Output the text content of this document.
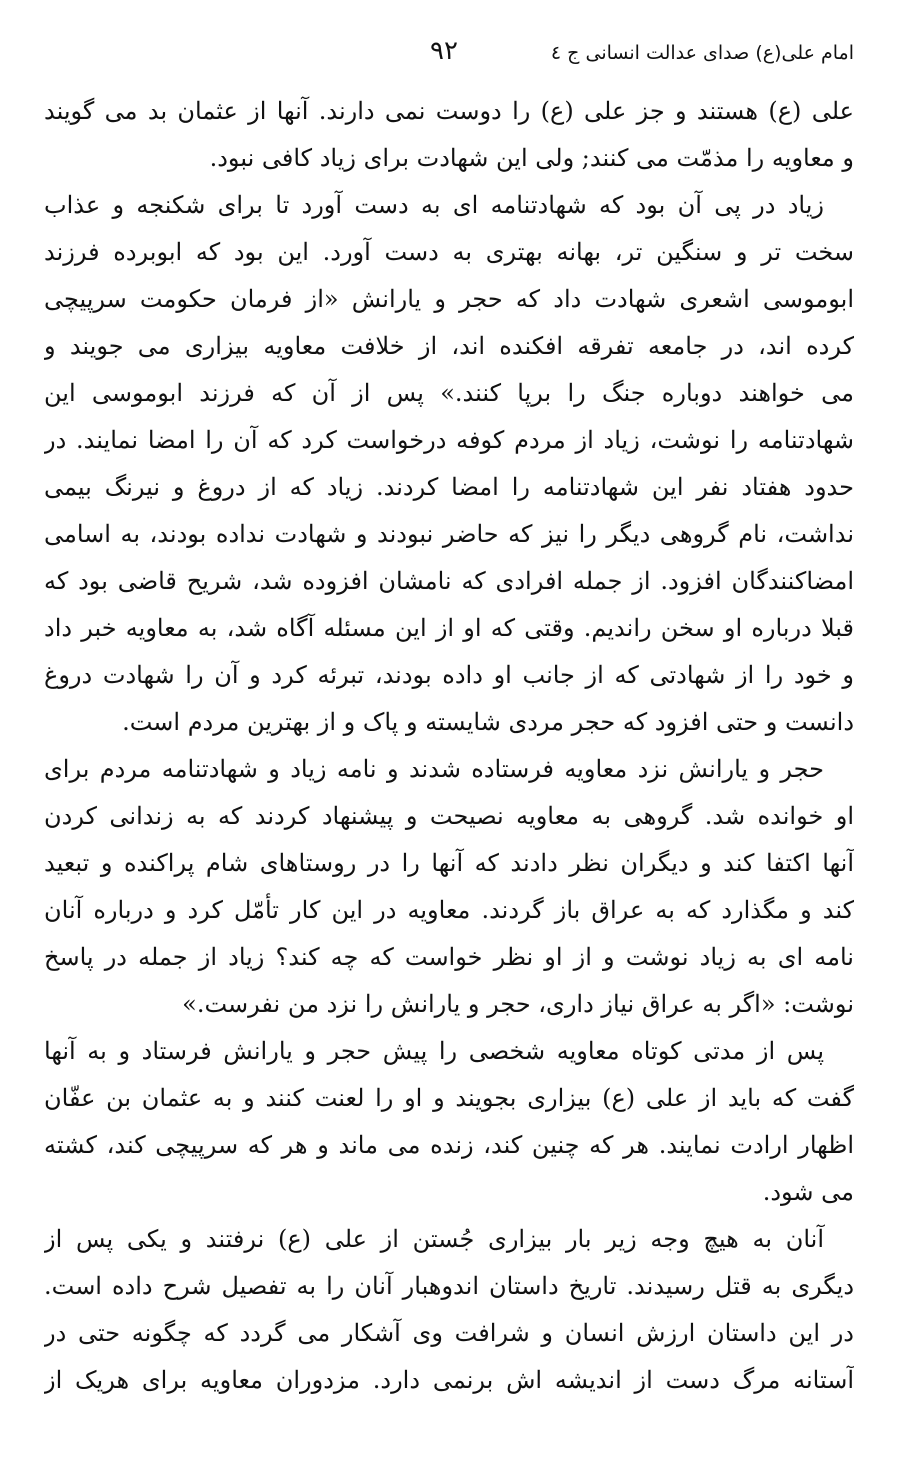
امام علی(ع) صدای عدالت انسانی ج ٤
٩٢
علی (ع) هستند و جز علی (ع) را دوست نمی دارند. آنها از عثمان بد می گویند
و معاویه را مذمّت می کنند; ولی این شهادت برای زیاد کافی نبود.
زیاد در پی آن بود که شهادتنامه ای به دست آورد تا برای شکنجه و عذاب
سخت تر و سنگین تر، بهانه بهتری به دست آورد. این بود که ابوبرده فرزند
ابوموسی اشعری شهادت داد که حجر و یارانش «از فرمان حکومت سرپیچی
کرده اند، در جامعه تفرقه افکنده اند، از خلافت معاویه بیزاری می جویند و
می خواهند دوباره جنگ را برپا کنند.» پس از آن که فرزند ابوموسی این
شهادتنامه را نوشت، زیاد از مردم کوفه درخواست کرد که آن را امضا نمایند. در
حدود هفتاد نفر این شهادتنامه را امضا کردند. زیاد که از دروغ و نیرنگ بیمی
نداشت، نام گروهی دیگر را نیز که حاضر نبودند و شهادت نداده بودند، به اسامی
امضاکنندگان افزود. از جمله افرادی که نامشان افزوده شد، شریح قاضی بود که
قبلا درباره او سخن راندیم. وقتی که او از این مسئله آگاه شد، به معاویه خبر داد
و خود را از شهادتی که از جانب او داده بودند، تبرئه کرد و آن را شهادت دروغ
دانست و حتی افزود که حجر مردی شایسته و پاک و از بهترین مردم است.
حجر و یارانش نزد معاویه فرستاده شدند و نامه زیاد و شهادتنامه مردم برای
او خوانده شد. گروهی به معاویه نصیحت و پیشنهاد کردند که به زندانی کردن
آنها اکتفا کند و دیگران نظر دادند که آنها را در روستاهای شام پراکنده و تبعید
کند و مگذارد که به عراق باز گردند. معاویه در این کار تأمّل کرد و درباره آنان
نامه ای به زیاد نوشت و از او نظر خواست که چه کند؟ زیاد از جمله در پاسخ
نوشت: «اگر به عراق نیاز داری، حجر و یارانش را نزد من نفرست.»
پس از مدتی کوتاه معاویه شخصی را پیش حجر و یارانش فرستاد و به آنها
گفت که باید از علی (ع) بیزاری بجویند و او را لعنت کنند و به عثمان بن عفّان
اظهار ارادت نمایند. هر که چنین کند، زنده می ماند و هر که سرپیچی کند، کشته
می شود.
آنان به هیچ وجه زیر بار بیزاری جُستن از علی (ع) نرفتند و یکی پس از
دیگری به قتل رسیدند. تاریخ داستان اندوهبار آنان را به تفصیل شرح داده است.
در این داستان ارزش انسان و شرافت وی آشکار می گردد که چگونه حتی در
آستانه مرگ دست از اندیشه اش برنمی دارد. مزدوران معاویه برای هریک از
